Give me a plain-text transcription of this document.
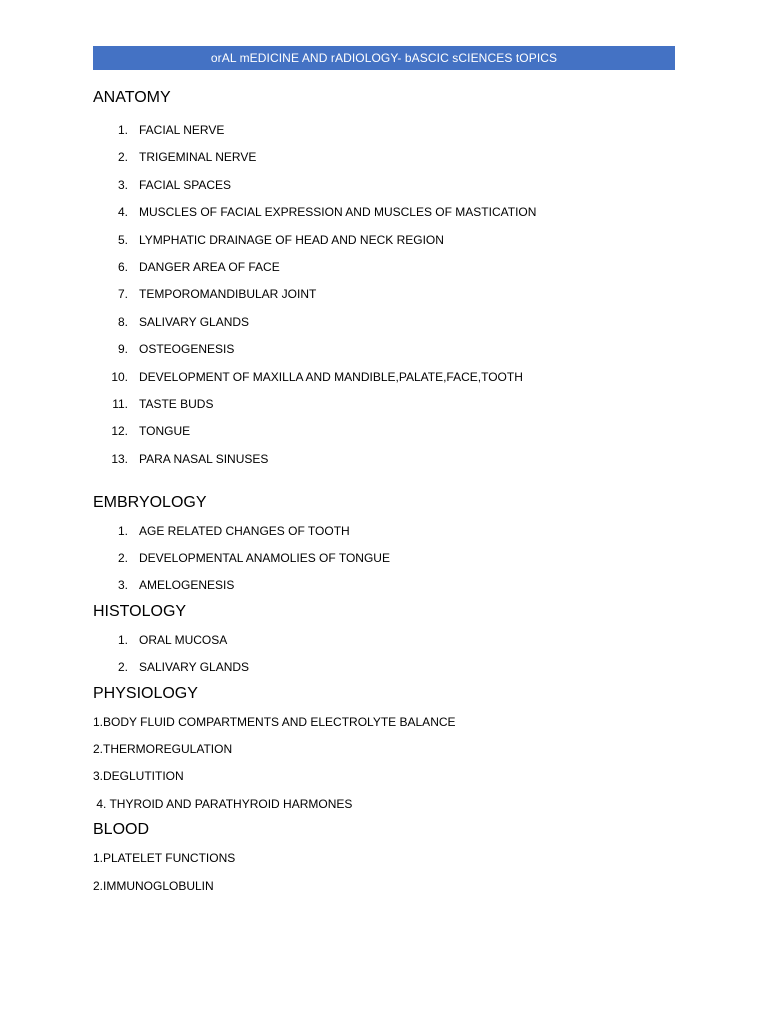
orAL mEDICINE AND rADIOLOGY- bASCIC sCIENCES tOPICS
ANATOMY
1. FACIAL NERVE
2. TRIGEMINAL NERVE
3. FACIAL SPACES
4. MUSCLES OF FACIAL EXPRESSION AND MUSCLES OF MASTICATION
5. LYMPHATIC DRAINAGE OF HEAD AND NECK REGION
6. DANGER AREA OF FACE
7. TEMPOROMANDIBULAR JOINT
8. SALIVARY GLANDS
9. OSTEOGENESIS
10. DEVELOPMENT OF MAXILLA AND MANDIBLE,PALATE,FACE,TOOTH
11. TASTE BUDS
12. TONGUE
13. PARA NASAL SINUSES
EMBRYOLOGY
1. AGE RELATED CHANGES OF TOOTH
2. DEVELOPMENTAL ANAMOLIES OF TONGUE
3. AMELOGENESIS
HISTOLOGY
1. ORAL MUCOSA
2. SALIVARY GLANDS
PHYSIOLOGY
1.BODY FLUID COMPARTMENTS AND ELECTROLYTE BALANCE
2.THERMOREGULATION
3.DEGLUTITION
4. THYROID AND PARATHYROID HARMONES
BLOOD
1.PLATELET FUNCTIONS
2.IMMUNOGLOBULIN
